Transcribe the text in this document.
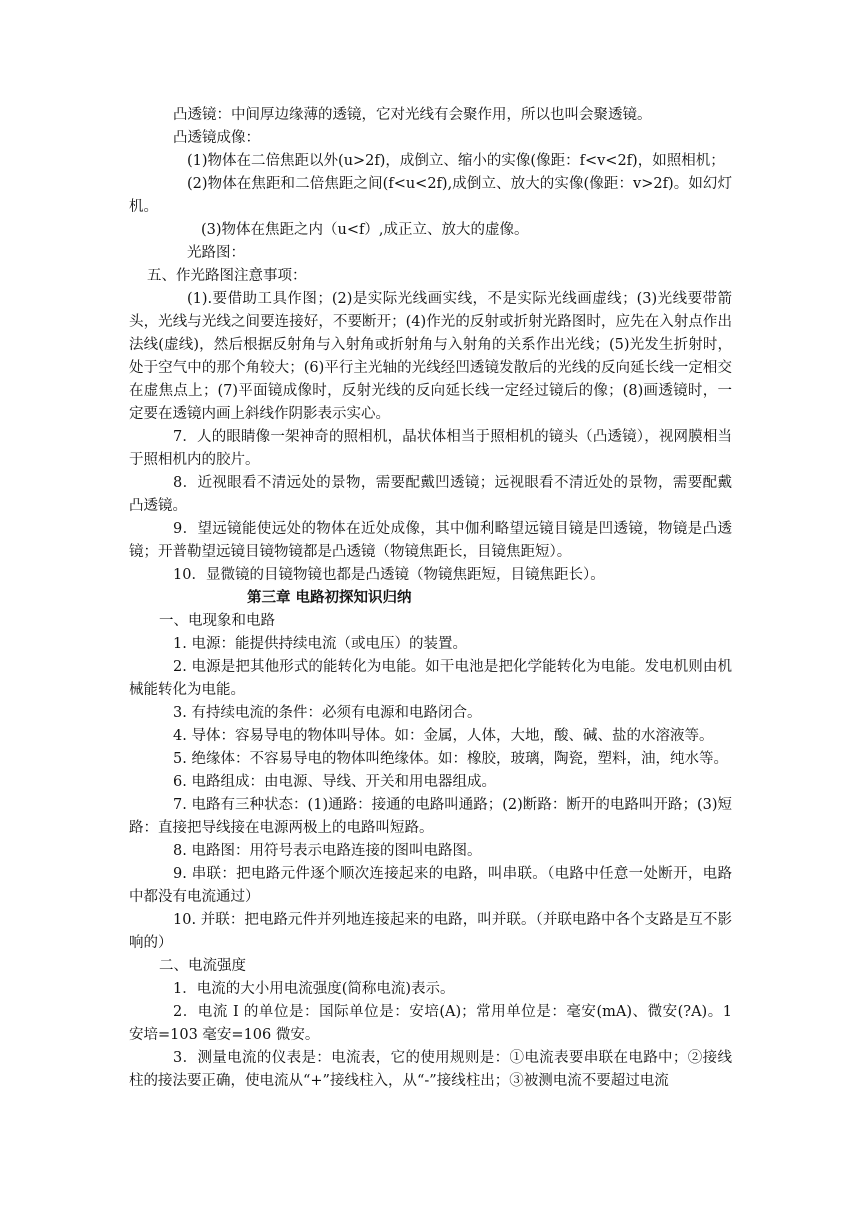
凸透镜：中间厚边缘薄的透镜，它对光线有会聚作用，所以也叫会聚透镜。

凸透镜成像：

(1)物体在二倍焦距以外(u>2f)，成倒立、缩小的实像(像距：f<v<2f)，如照相机；

(2)物体在焦距和二倍焦距之间(f<u<2f),成倒立、放大的实像(像距：v>2f)。如幻灯机。

(3)物体在焦距之内（u<f）,成正立、放大的虚像。

光路图：

五、作光路图注意事项：

(1).要借助工具作图；(2)是实际光线画实线，不是实际光线画虚线；(3)光线要带箭头，光线与光线之间要连接好，不要断开；(4)作光的反射或折射光路图时，应先在入射点作出法线(虚线)，然后根据反射角与入射角或折射角与入射角的关系作出光线；(5)光发生折射时，处于空气中的那个角较大；(6)平行主光轴的光线经凹透镜发散后的光线的反向延长线一定相交在虚焦点上；(7)平面镜成像时，反射光线的反向延长线一定经过镜后的像；(8)画透镜时，一定要在透镜内画上斜线作阴影表示实心。

7．人的眼睛像一架神奇的照相机，晶状体相当于照相机的镜头（凸透镜），视网膜相当于照相机内的胶片。

8．近视眼看不清远处的景物，需要配戴凹透镜；远视眼看不清近处的景物，需要配戴凸透镜。

9．望远镜能使远处的物体在近处成像，其中伽利略望远镜目镜是凹透镜，物镜是凸透镜；开普勒望远镜目镜物镜都是凸透镜（物镜焦距长，目镜焦距短）。

10．显微镜的目镜物镜也都是凸透镜（物镜焦距短，目镜焦距长）。

第三章 电路初探知识归纳

一、电现象和电路

1. 电源：能提供持续电流（或电压）的装置。

2. 电源是把其他形式的能转化为电能。如干电池是把化学能转化为电能。发电机则由机械能转化为电能。

3. 有持续电流的条件：必须有电源和电路闭合。

4. 导体：容易导电的物体叫导体。如：金属，人体，大地，酸、碱、盐的水溶液等。

5. 绝缘体：不容易导电的物体叫绝缘体。如：橡胶，玻璃，陶瓷，塑料，油，纯水等。

6. 电路组成：由电源、导线、开关和用电器组成。

7. 电路有三种状态：(1)通路：接通的电路叫通路；(2)断路：断开的电路叫开路；(3)短路：直接把导线接在电源两极上的电路叫短路。

8. 电路图：用符号表示电路连接的图叫电路图。

9. 串联：把电路元件逐个顺次连接起来的电路，叫串联。（电路中任意一处断开，电路中都没有电流通过）

10. 并联：把电路元件并列地连接起来的电路，叫并联。（并联电路中各个支路是互不影响的）

二、电流强度

1．电流的大小用电流强度(简称电流)表示。

2．电流 I 的单位是：国际单位是：安培(A)；常用单位是：毫安(mA)、微安(?A)。1 安培=103 毫安=106 微安。

3．测量电流的仪表是：电流表，它的使用规则是：①电流表要串联在电路中；②接线柱的接法要正确，使电流从“+”接线柱入，从“-”接线柱出；③被测电流不要超过电流
